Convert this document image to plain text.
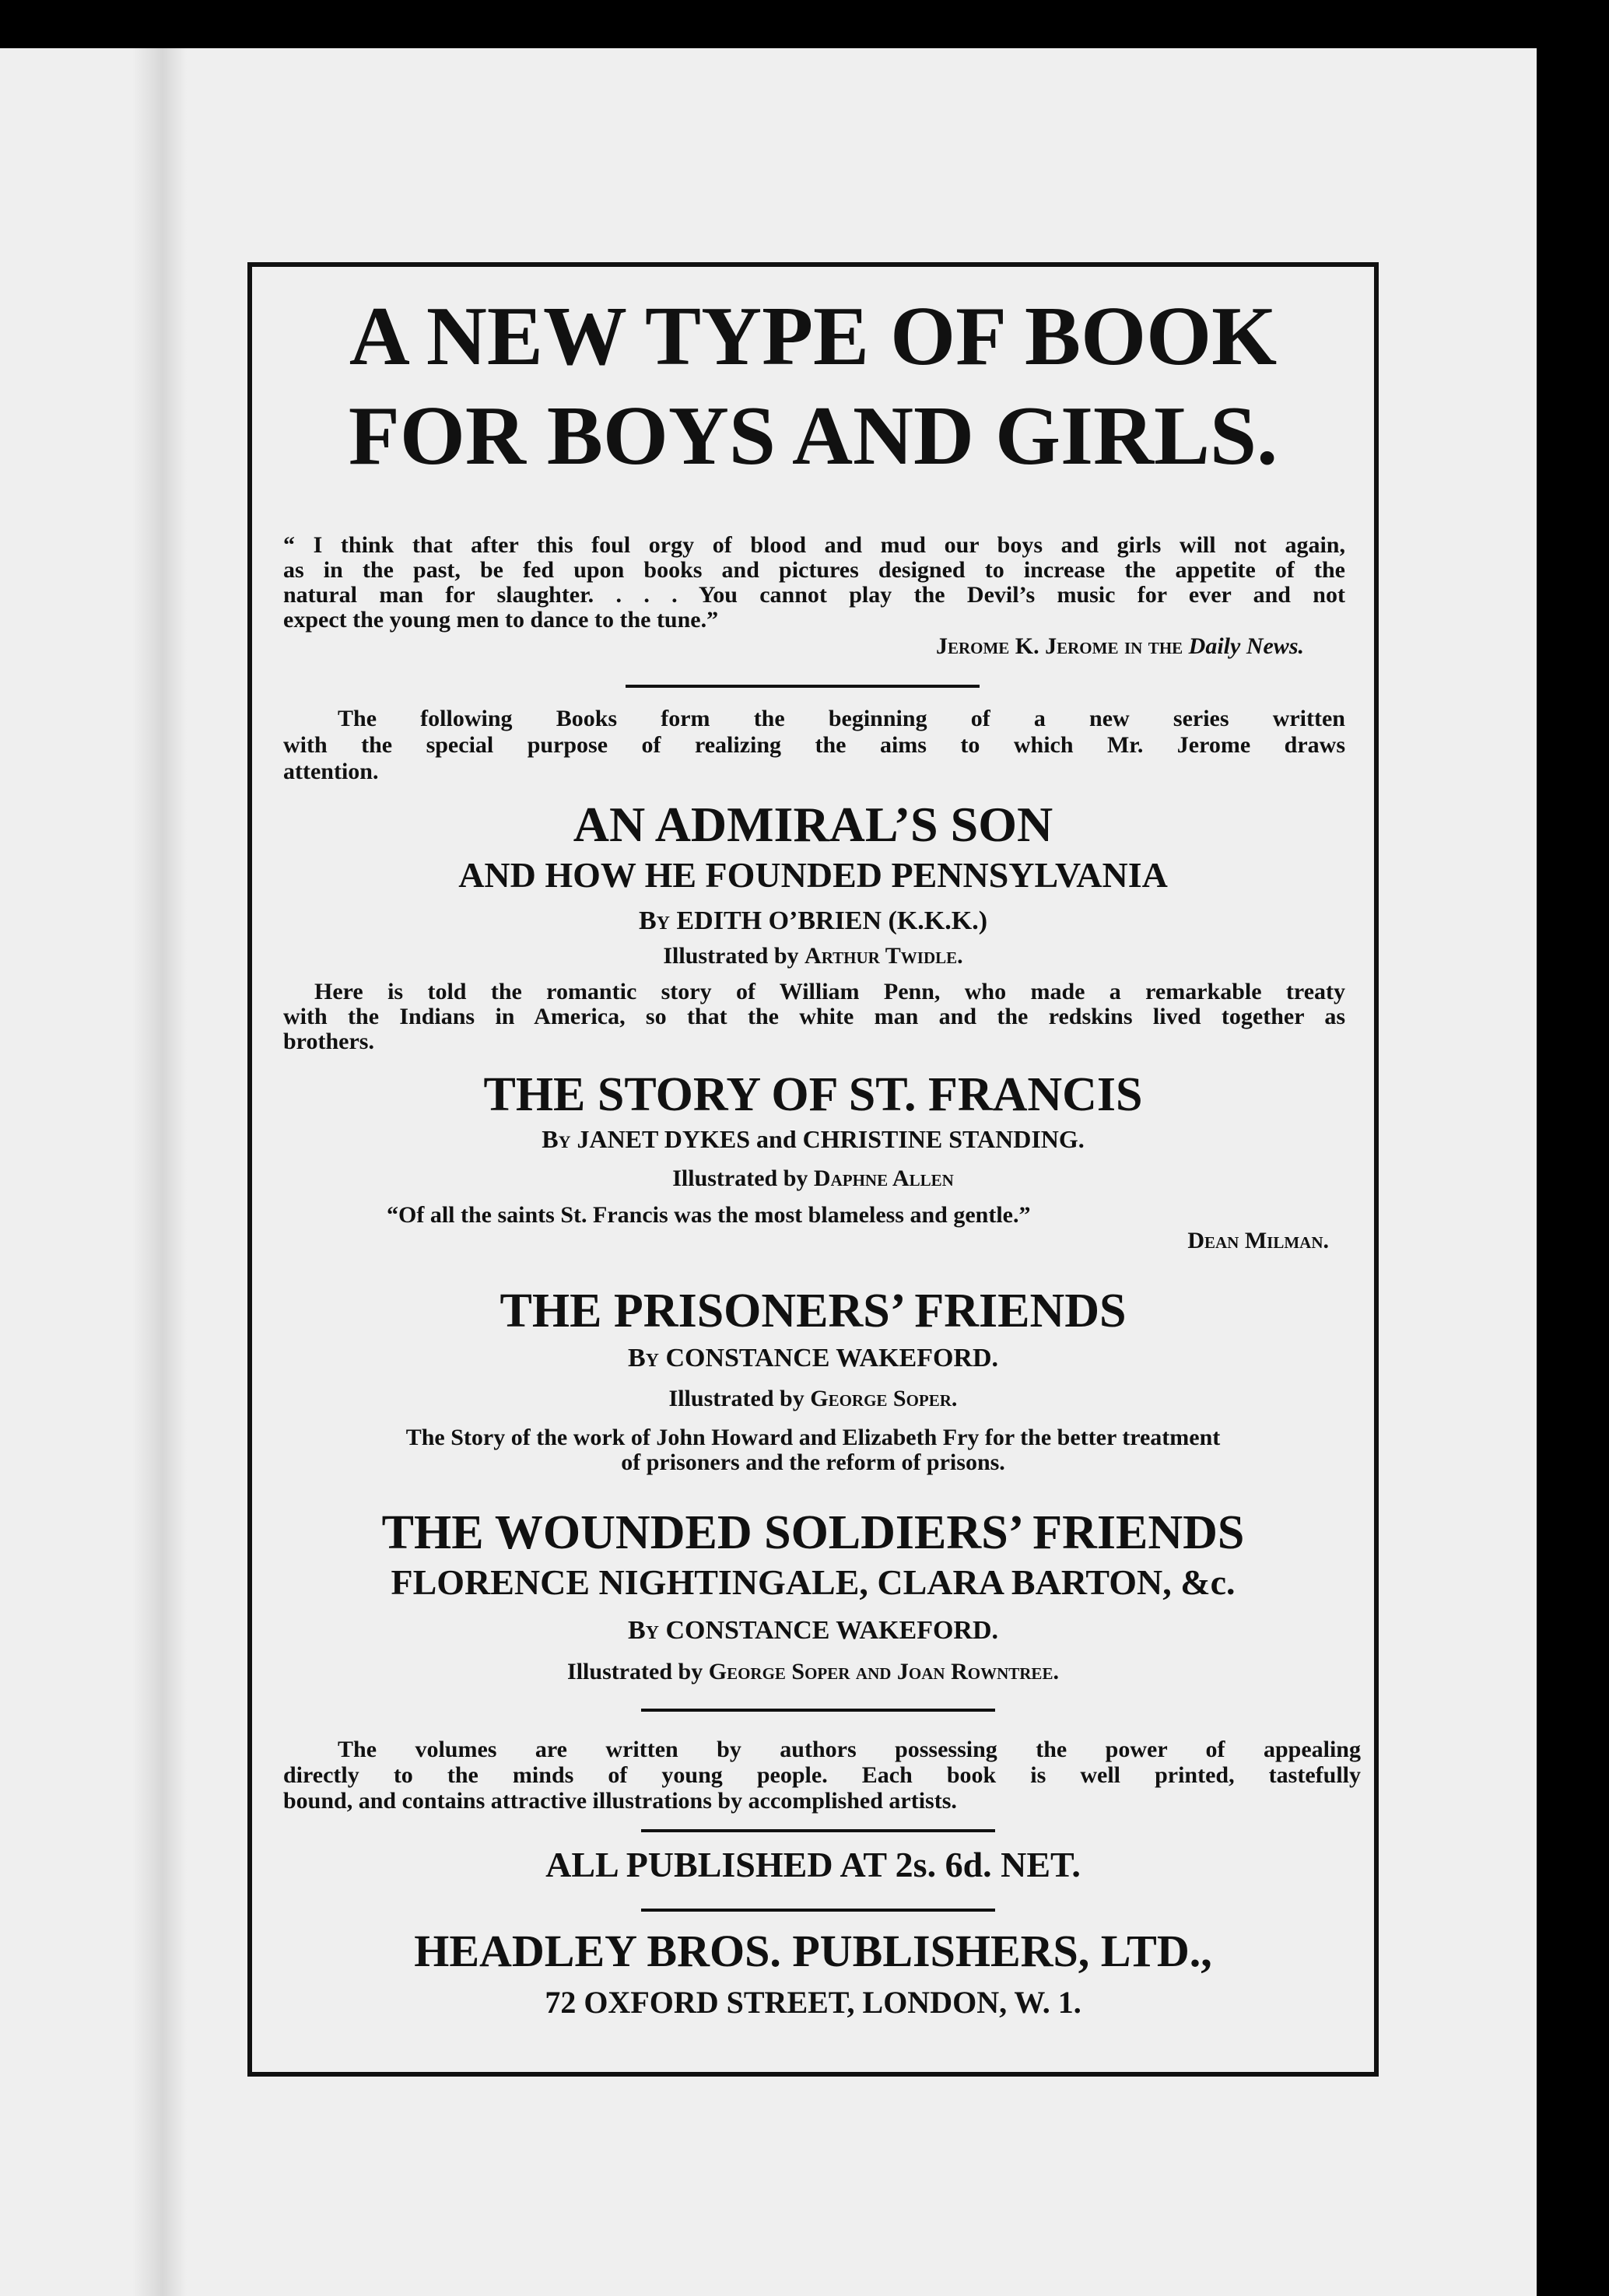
A NEW TYPE OF BOOK
FOR BOYS AND GIRLS.
“ I think that after this foul orgy of blood and mud our boys and girls will not again,
as in the past, be fed upon books and pictures designed to increase the appetite of the
natural man for slaughter. . . . You cannot play the Devil’s music for ever and not
expect the young men to dance to the tune.”
Jerome K. Jerome in the Daily News.
The following Books form the beginning of a new series written
with the special purpose of realizing the aims to which Mr. Jerome draws
attention.
AN ADMIRAL’S SON
AND HOW HE FOUNDED PENNSYLVANIA
By EDITH O’BRIEN (K.K.K.)
Illustrated by Arthur Twidle.
Here is told the romantic story of William Penn, who made a remarkable treaty
with the Indians in America, so that the white man and the redskins lived together as
brothers.
THE STORY OF ST. FRANCIS
By JANET DYKES and CHRISTINE STANDING.
Illustrated by Daphne Allen
“Of all the saints St. Francis was the most blameless and gentle.”
Dean Milman.
THE PRISONERS’ FRIENDS
By CONSTANCE WAKEFORD.
Illustrated by George Soper.
The Story of the work of John Howard and Elizabeth Fry for the better treatment
of prisoners and the reform of prisons.
THE WOUNDED SOLDIERS’ FRIENDS
FLORENCE NIGHTINGALE, CLARA BARTON, &c.
By CONSTANCE WAKEFORD.
Illustrated by George Soper and Joan Rowntree.
The volumes are written by authors possessing the power of appealing
directly to the minds of young people. Each book is well printed, tastefully
bound, and contains attractive illustrations by accomplished artists.
ALL PUBLISHED AT 2s. 6d. NET.
HEADLEY BROS. PUBLISHERS, LTD.,
72 OXFORD STREET, LONDON, W. 1.
